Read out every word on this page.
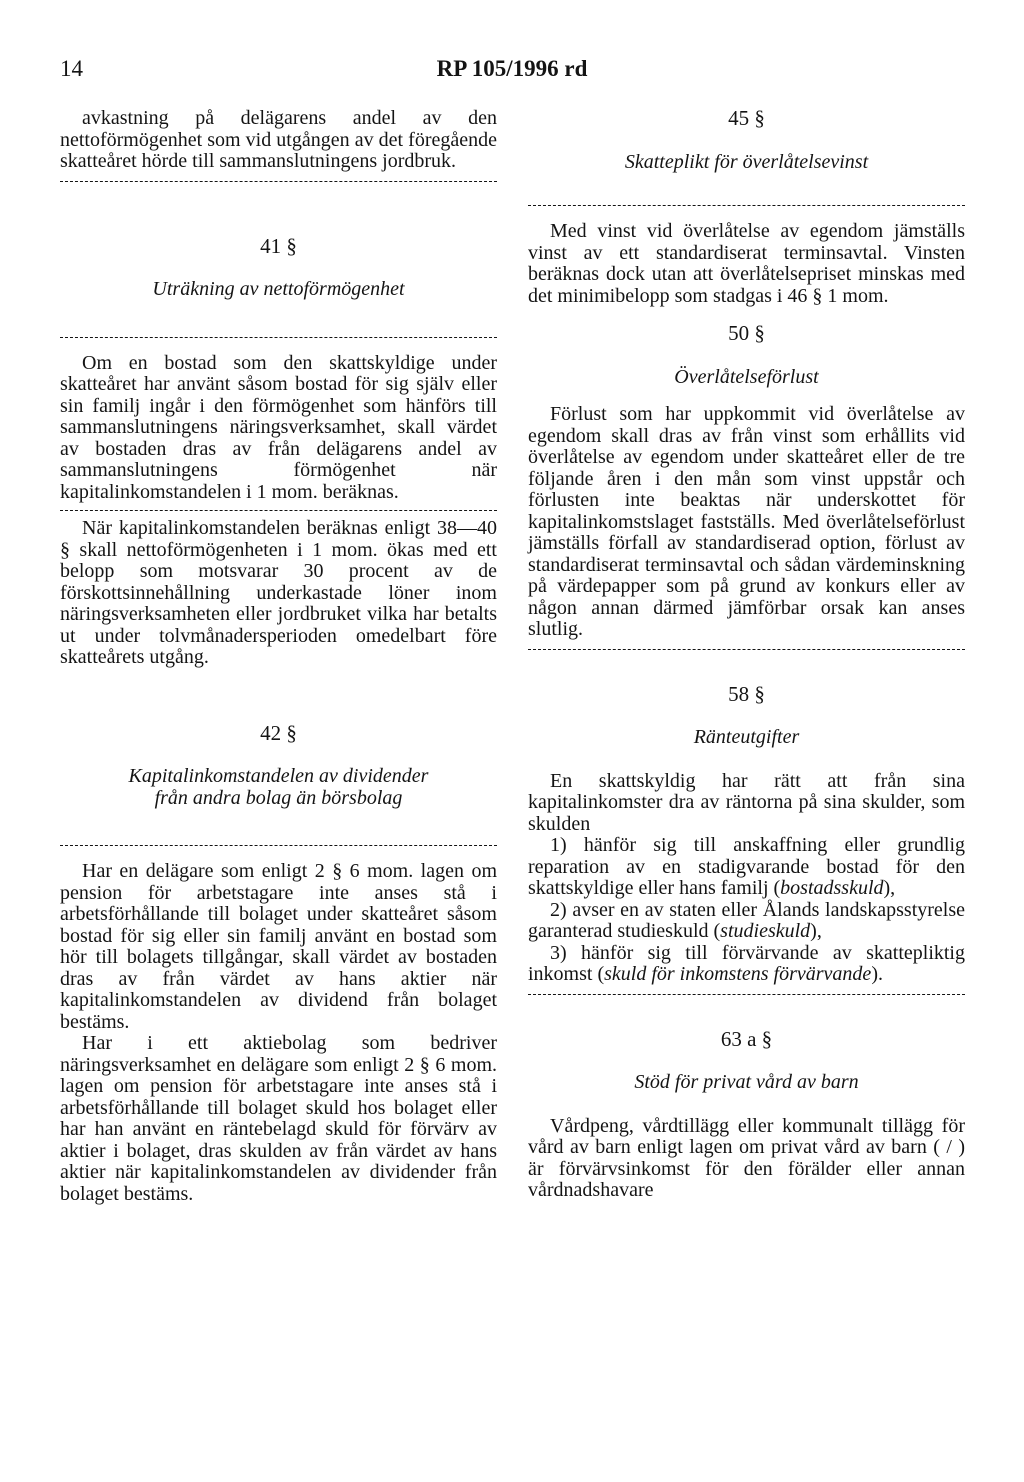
14	RP 105/1996 rd

avkastning på delägarens andel av den nettoförmögenhet som vid utgången av det föregående skatteåret hörde till sammanslutningens jordbruk.

41 §
Uträkning av nettoförmögenhet

Om en bostad som den skattskyldige under skatteåret har använt såsom bostad för sig själv eller sin familj ingår i den förmögenhet som hänförs till sammanslutningens näringsverksamhet, skall värdet av bostaden dras av från delägarens andel av sammanslutningens förmögenhet när kapitalinkomstandelen i 1 mom. beräknas.

När kapitalinkomstandelen beräknas enligt 38—40 § skall nettoförmögenheten i 1 mom. ökas med ett belopp som motsvarar 30 procent av de förskottsinnehållning underkastade löner inom näringsverksamheten eller jordbruket vilka har betalts ut under tolvmånadersperioden omedelbart före skatteårets utgång.

42 §
Kapitalinkomstandelen av dividender från andra bolag än börsbolag

Har en delägare som enligt 2 § 6 mom. lagen om pension för arbetstagare inte anses stå i arbetsförhållande till bolaget under skatteåret såsom bostad för sig eller sin familj använt en bostad som hör till bolagets tillgångar, skall värdet av bostaden dras av från värdet av hans aktier när kapitalinkomstandelen av dividend från bolaget bestäms.

Har i ett aktiebolag som bedriver näringsverksamhet en delägare som enligt 2 § 6 mom. lagen om pension för arbetstagare inte anses stå i arbetsförhållande till bolaget skuld hos bolaget eller har han använt en räntebelagd skuld för förvärv av aktier i bolaget, dras skulden av från värdet av hans aktier när kapitalinkomstandelen av dividender från bolaget bestäms.

45 §
Skatteplikt för överlåtelsevinst

Med vinst vid överlåtelse av egendom jämställs vinst av ett standardiserat terminsavtal. Vinsten beräknas dock utan att överlåtelsepriset minskas med det minimibelopp som stadgas i 46 § 1 mom.

50 §
Överlåtelseförlust

Förlust som har uppkommit vid överlåtelse av egendom skall dras av från vinst som erhållits vid överlåtelse av egendom under skatteåret eller de tre följande åren i den mån som vinst uppstår och förlusten inte beaktas när underskottet för kapitalinkomstslaget fastställs. Med överlåtelseförlust jämställs förfall av standardiserad option, förlust av standardiserat terminsavtal och sådan värdeminskning på värdepapper som på grund av konkurs eller av någon annan därmed jämförbar orsak kan anses slutlig.

58 §
Ränteutgifter

En skattskyldig har rätt att från sina kapitalinkomster dra av räntorna på sina skulder, som skulden

1) hänför sig till anskaffning eller grundlig reparation av en stadigvarande bostad för den skattskyldige eller hans familj (bostadsskuld),

2) avser en av staten eller Ålands landskapsstyrelse garanterad studieskuld (studieskuld),

3) hänför sig till förvärvande av skattepliktig inkomst (skuld för inkomstens förvärvande).

63 a §
Stöd för privat vård av barn

Vårdpeng, vårdtillägg eller kommunalt tillägg för vård av barn enligt lagen om privat vård av barn ( / ) är förvärvsinkomst för den förälder eller annan vårdnadshavare
